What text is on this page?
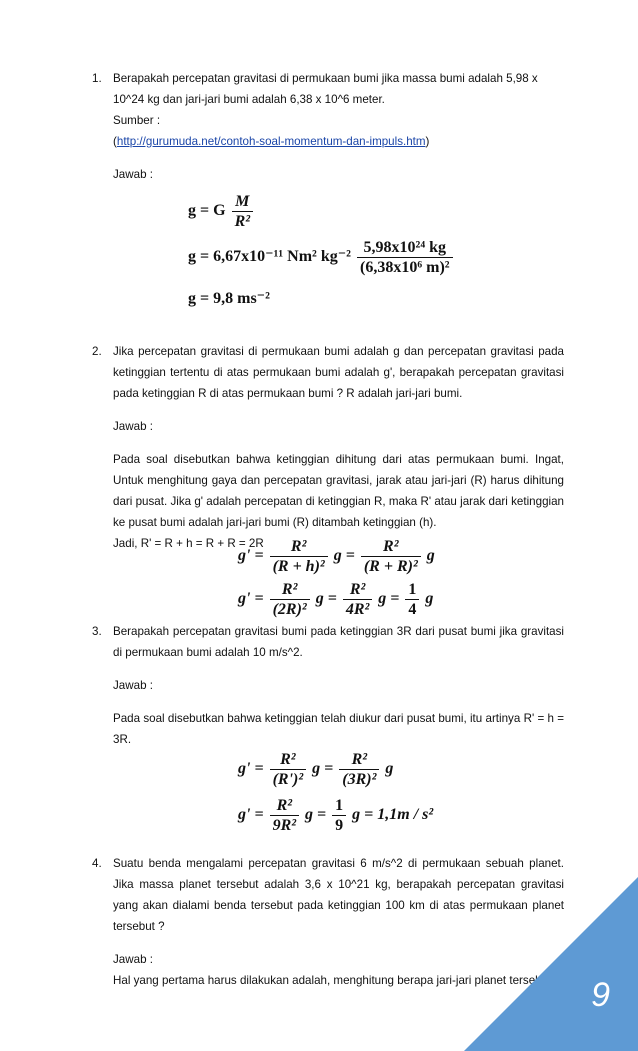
1. Berapakah percepatan gravitasi di permukaan bumi jika massa bumi adalah 5,98 x

10^24 kg dan jari-jari bumi adalah 6,38 x 10^6 meter.

Sumber :

(http://gurumuda.net/contoh-soal-momentum-dan-impuls.htm)

Jawab :

g = G $\frac{M}{\text{R²}}$
g = 6,67x10⁻¹¹ Nm² $kg^{-2} \frac{\text{5,98x10²⁴ kg}}{\text{(6,38x10⁶ m)²}}$
g = 9,8 ms⁻²
2. Jika percepatan gravitasi di permukaan bumi adalah g dan percepatan gravitasi pada ketinggian tertentu di atas permukaan bumi adalah g', berapakah percepatan gravitasi pada ketinggian R di atas permukaan bumi ? R adalah jari-jari bumi.

Jawab :

Pada soal disebutkan bahwa ketinggian dihitung dari atas permukaan bumi. Ingat, Untuk menghitung gaya dan percepatan gravitasi, jarak atau jari-jari (R) harus dihitung dari pusat. Jika g' adalah percepatan di ketinggian R, maka R' atau jarak dari ketinggian ke pusat bumi adalah jari-jari bumi (R) ditambah ketinggian (h).

Jadi, R' = R + h = R + R = 2R

$g' = \frac{\text{R²}}{\text{(R + h)²}}$ $g = \frac{\text{R²}}{\text{(R + R)²}}$ g
$g' = \frac{\text{R²}}{\text{(2R)²}}$ $g = \frac{\text{R²}}{\text{4R²}}$ $g = \frac{1}{4}$ g
3. Berapakah percepatan gravitasi bumi pada ketinggian 3R dari pusat bumi jika gravitasi di permukaan bumi adalah 10 m/s^2.

Jawab :

Pada soal disebutkan bahwa ketinggian telah diukur dari pusat bumi, itu artinya R' = h = 3R.

$g' = \frac{\text{R²}}{\text{(R')²}}$ $g = \frac{\text{R²}}{\text{(3R)²}}$ g
$g' = \frac{\text{R²}}{\text{9R²}}$ $g = \frac{1}{9}$ g = 1,1m / s²
4. Suatu benda mengalami percepatan gravitasi 6 m/s^2 di permukaan sebuah planet. Jika massa planet tersebut adalah 3,6 x 10^21 kg, berapakah percepatan gravitasi yang akan dialami benda tersebut pada ketinggian 100 km di atas permukaan planet tersebut ?

Jawab :

Hal yang pertama harus dilakukan adalah, menghitung berapa jari-jari planet tersebut. 9
